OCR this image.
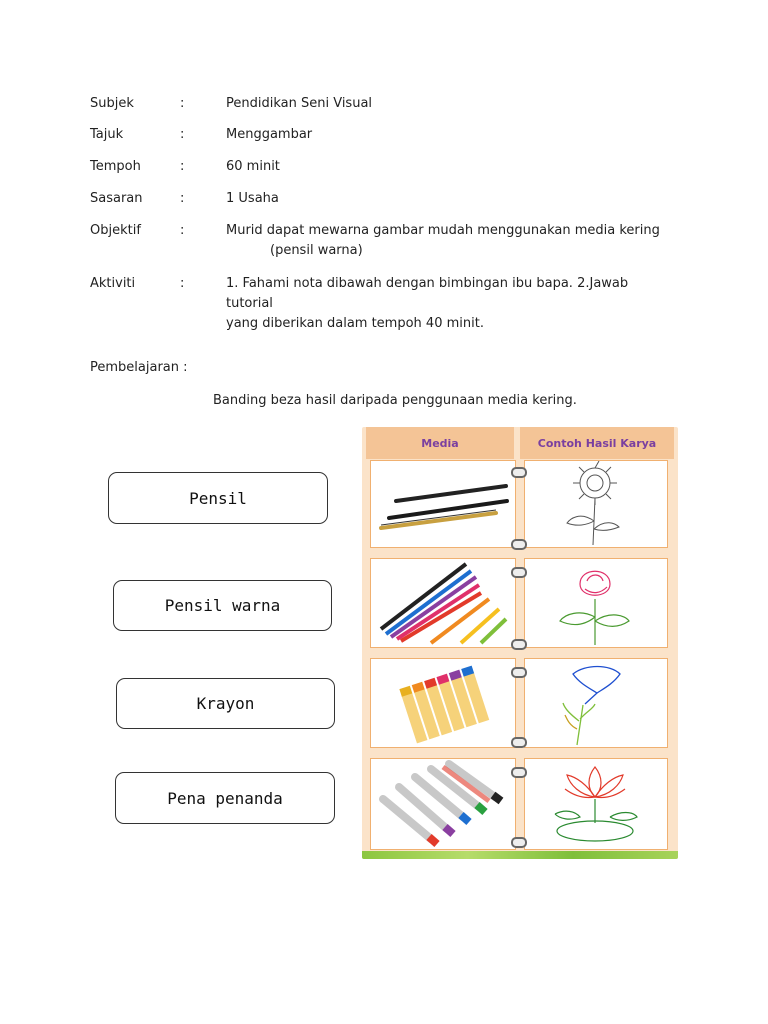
Subjek	:	Pendidikan Seni Visual
Tajuk	:	Menggambar
Tempoh	:	60 minit
Sasaran	:	1 Usaha
Objektif	:	Murid dapat mewarna gambar mudah menggunakan media kering
(pensil warna)
Aktiviti	:	1. Fahami nota dibawah dengan bimbingan ibu bapa. 2.Jawab tutorial
yang diberikan dalam tempoh 40 minit.
Pembelajaran :
Banding beza hasil daripada penggunaan media kering.
Pensil
Pensil warna
Krayon
Pena penanda
Media	Contoh Hasil Karya
